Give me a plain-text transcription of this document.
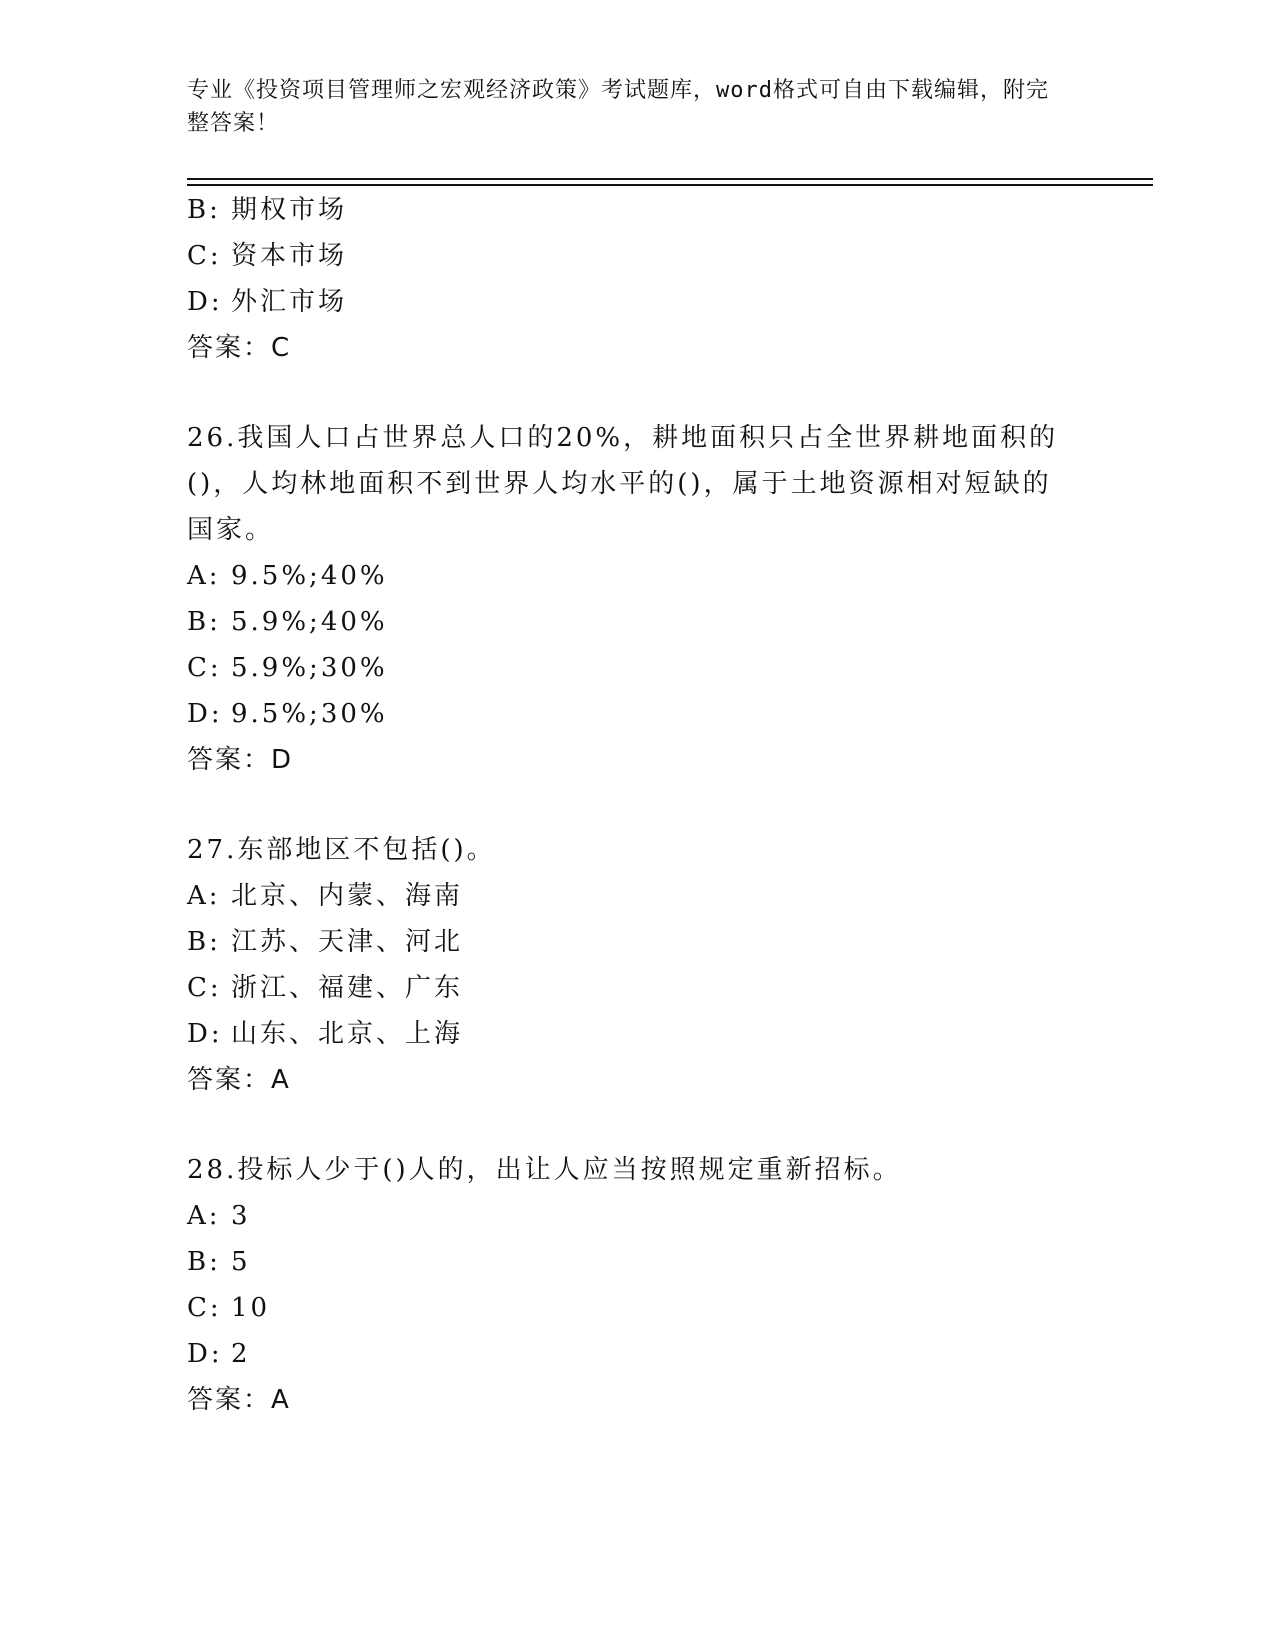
专业《投资项目管理师之宏观经济政策》考试题库，word格式可自由下载编辑，附完整答案！
B: 期权市场
C: 资本市场
D: 外汇市场
答案：C
26.我国人口占世界总人口的20%，耕地面积只占全世界耕地面积的()，人均林地面积不到世界人均水平的()，属于土地资源相对短缺的国家。
A: 9.5%;40%
B: 5.9%;40%
C: 5.9%;30%
D: 9.5%;30%
答案：D
27.东部地区不包括()。
A: 北京、内蒙、海南
B: 江苏、天津、河北
C: 浙江、福建、广东
D: 山东、北京、上海
答案：A
28.投标人少于()人的，出让人应当按照规定重新招标。
A: 3
B: 5
C: 10
D: 2
答案：A
